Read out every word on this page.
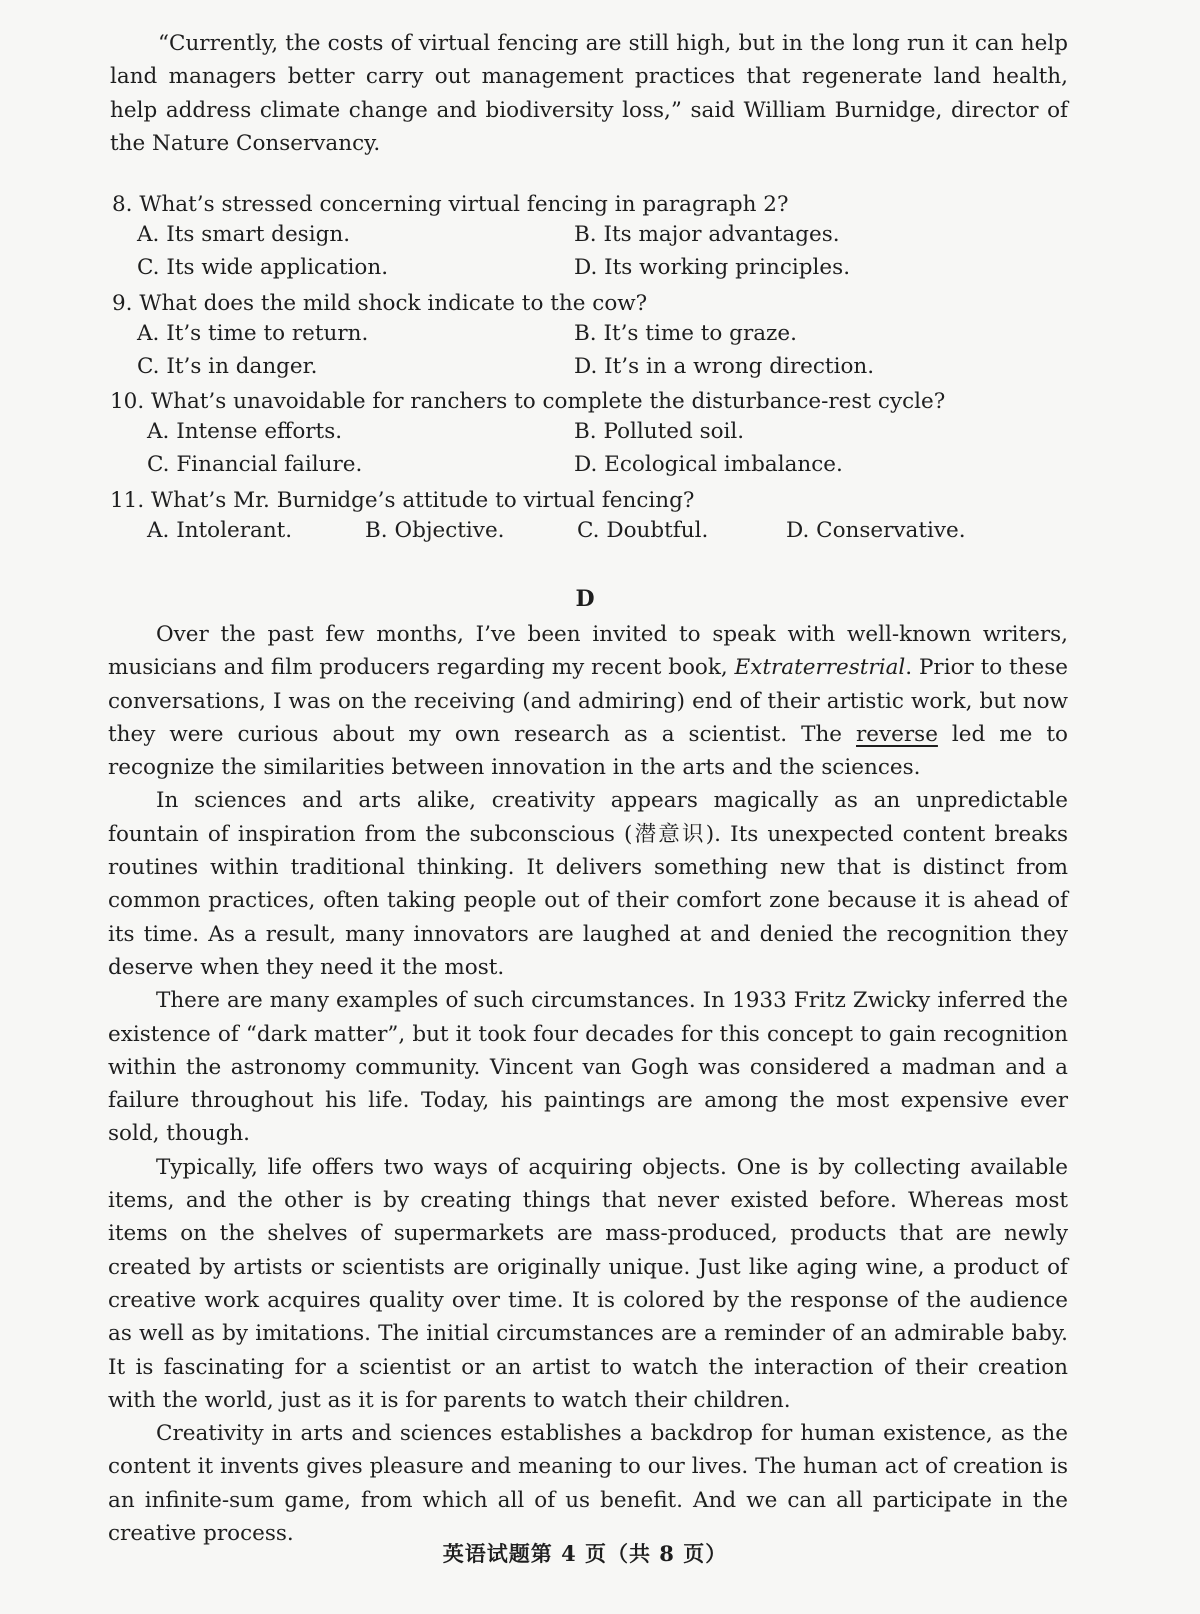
“Currently, the costs of virtual fencing are still high, but in the long run it can help land managers better carry out management practices that regenerate land health, help address climate change and biodiversity loss,” said William Burnidge, director of the Nature Conservancy.

8. What’s stressed concerning virtual fencing in paragraph 2?
A. Its smart design.	B. Its major advantages.
C. Its wide application.	D. Its working principles.
9. What does the mild shock indicate to the cow?
A. It’s time to return.	B. It’s time to graze.
C. It’s in danger.	D. It’s in a wrong direction.
10. What’s unavoidable for ranchers to complete the disturbance-rest cycle?
A. Intense efforts.	B. Polluted soil.
C. Financial failure.	D. Ecological imbalance.
11. What’s Mr. Burnidge’s attitude to virtual fencing?
A. Intolerant.	B. Objective.	C. Doubtful.	D. Conservative.
D

Over the past few months, I’ve been invited to speak with well-known writers, musicians and film producers regarding my recent book, Extraterrestrial. Prior to these conversations, I was on the receiving (and admiring) end of their artistic work, but now they were curious about my own research as a scientist. The reverse led me to recognize the similarities between innovation in the arts and the sciences.

In sciences and arts alike, creativity appears magically as an unpredictable fountain of inspiration from the subconscious (潜意识). Its unexpected content breaks routines within traditional thinking. It delivers something new that is distinct from common practices, often taking people out of their comfort zone because it is ahead of its time. As a result, many innovators are laughed at and denied the recognition they deserve when they need it the most.

There are many examples of such circumstances. In 1933 Fritz Zwicky inferred the existence of “dark matter”, but it took four decades for this concept to gain recognition within the astronomy community. Vincent van Gogh was considered a madman and a failure throughout his life. Today, his paintings are among the most expensive ever sold, though.

Typically, life offers two ways of acquiring objects. One is by collecting available items, and the other is by creating things that never existed before. Whereas most items on the shelves of supermarkets are mass-produced, products that are newly created by artists or scientists are originally unique. Just like aging wine, a product of creative work acquires quality over time. It is colored by the response of the audience as well as by imitations. The initial circumstances are a reminder of an admirable baby. It is fascinating for a scientist or an artist to watch the interaction of their creation with the world, just as it is for parents to watch their children.

Creativity in arts and sciences establishes a backdrop for human existence, as the content it invents gives pleasure and meaning to our lives. The human act of creation is an infinite-sum game, from which all of us benefit. And we can all participate in the creative process.

英语试题第 4 页（共 8 页）
